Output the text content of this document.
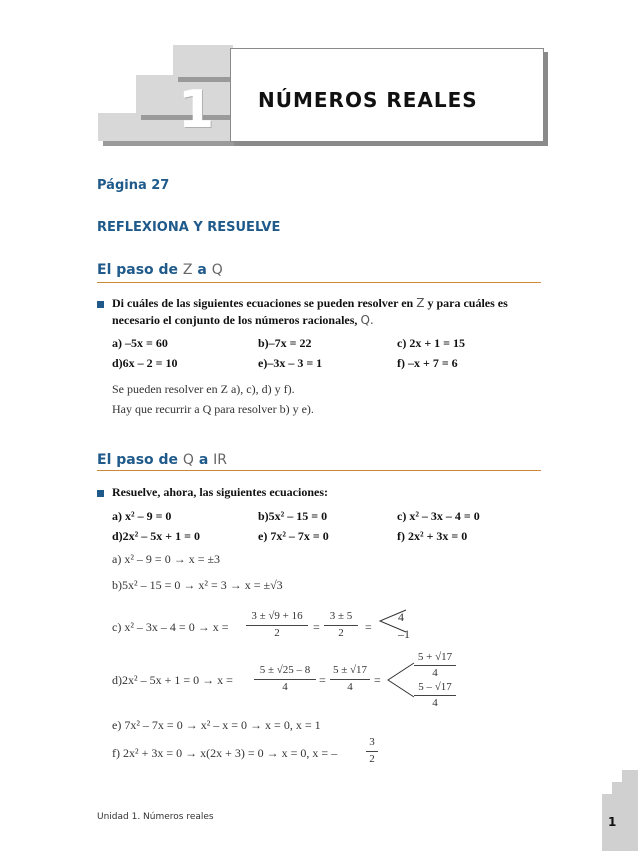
1 NÚMEROS REALES
Página 27
REFLEXIONA Y RESUELVE
El paso de Z a Q
Di cuáles de las siguientes ecuaciones se pueden resolver en Z y para cuáles es
necesario el conjunto de los números racionales, Q.
a) –5x = 60	b)–7x = 22	c) 2x + 1 = 15
d)6x – 2 = 10	e)–3x – 3 = 1	f) –x + 7 = 6
Se pueden resolver en Z a), c), d) y f).
Hay que recurrir a Q para resolver b) y e).
El paso de Q a IR
Resuelve, ahora, las siguientes ecuaciones:
a) x² – 9 = 0	b)5x² – 15 = 0	c) x² – 3x – 4 = 0
d)2x² – 5x + 1 = 0	e) 7x² – 7x = 0	f) 2x² + 3x = 0
a) x² – 9 = 0 → x = ±3
b)5x² – 15 = 0 → x² = 3 → x = ±√3
c) x² – 3x – 4 = 0 → x =
3 ± √9 + 16
2	=
3 ± 5
2	=
4
–1
d)2x² – 5x + 1 = 0 → x =
5 ± √25 – 8
4	=
5 ± √17
4	=
5 + √17
4
5 – √17
4
e) 7x² – 7x = 0 → x² – x = 0 → x = 0, x = 1
f) 2x² + 3x = 0 → x(2x + 3) = 0 → x = 0, x = –
3
2
Unidad 1. Números reales	1
